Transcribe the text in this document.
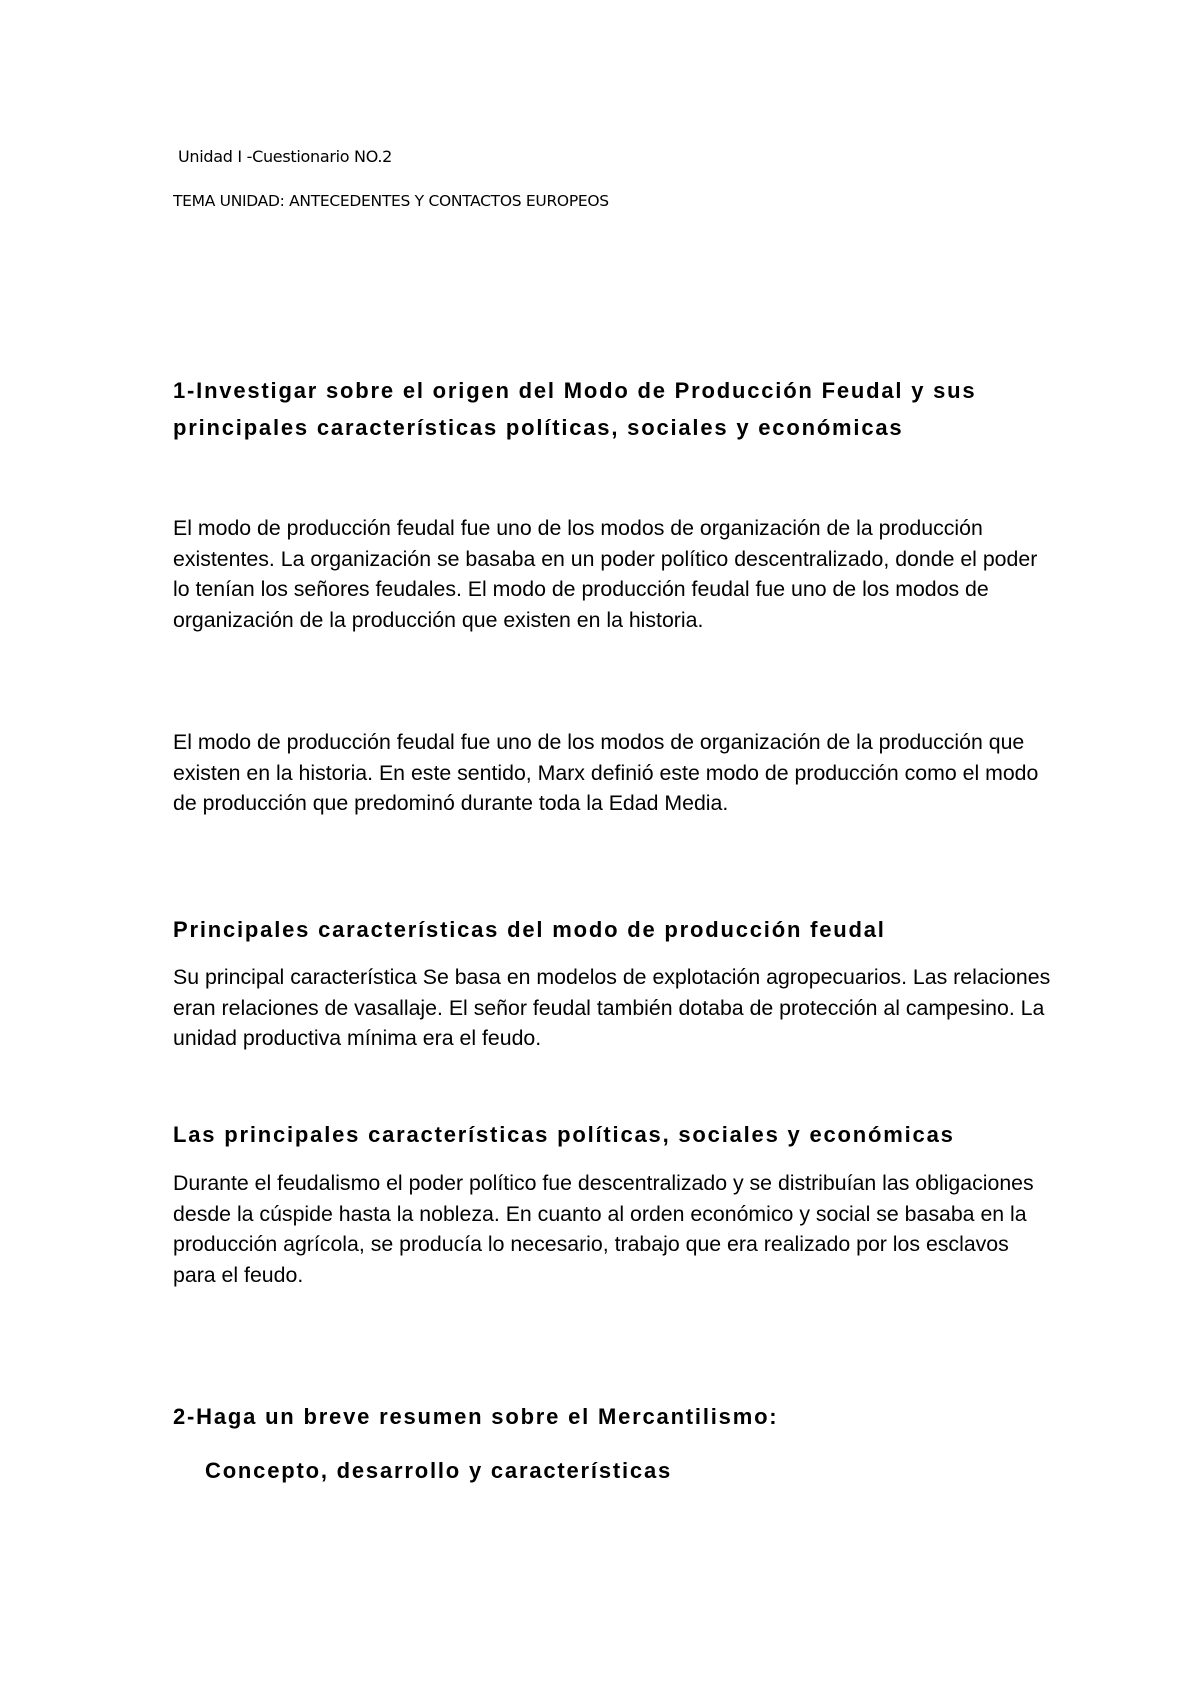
Unidad I -Cuestionario NO.2

TEMA UNIDAD: ANTECEDENTES Y CONTACTOS EUROPEOS

1-Investigar sobre el origen del Modo de Producción Feudal y sus principales características políticas, sociales y económicas

El modo de producción feudal fue uno de los modos de organización de la producción existentes. La organización se basaba en un poder político descentralizado, donde el poder lo tenían los señores feudales. El modo de producción feudal fue uno de los modos de organización de la producción que existen en la historia.

El modo de producción feudal fue uno de los modos de organización de la producción que existen en la historia. En este sentido, Marx definió este modo de producción como el modo de producción que predominó durante toda la Edad Media.

Principales características del modo de producción feudal

Su principal característica Se basa en modelos de explotación agropecuarios. Las relaciones eran relaciones de vasallaje. El señor feudal también dotaba de protección al campesino. La unidad productiva mínima era el feudo.

Las principales características políticas, sociales y económicas

Durante el feudalismo el poder político fue descentralizado y se distribuían las obligaciones desde la cúspide hasta la nobleza. En cuanto al orden económico y social se basaba en la producción agrícola, se producía lo necesario, trabajo que era realizado por los esclavos para el feudo.

2-Haga un breve resumen sobre el Mercantilismo:

Concepto, desarrollo y características
